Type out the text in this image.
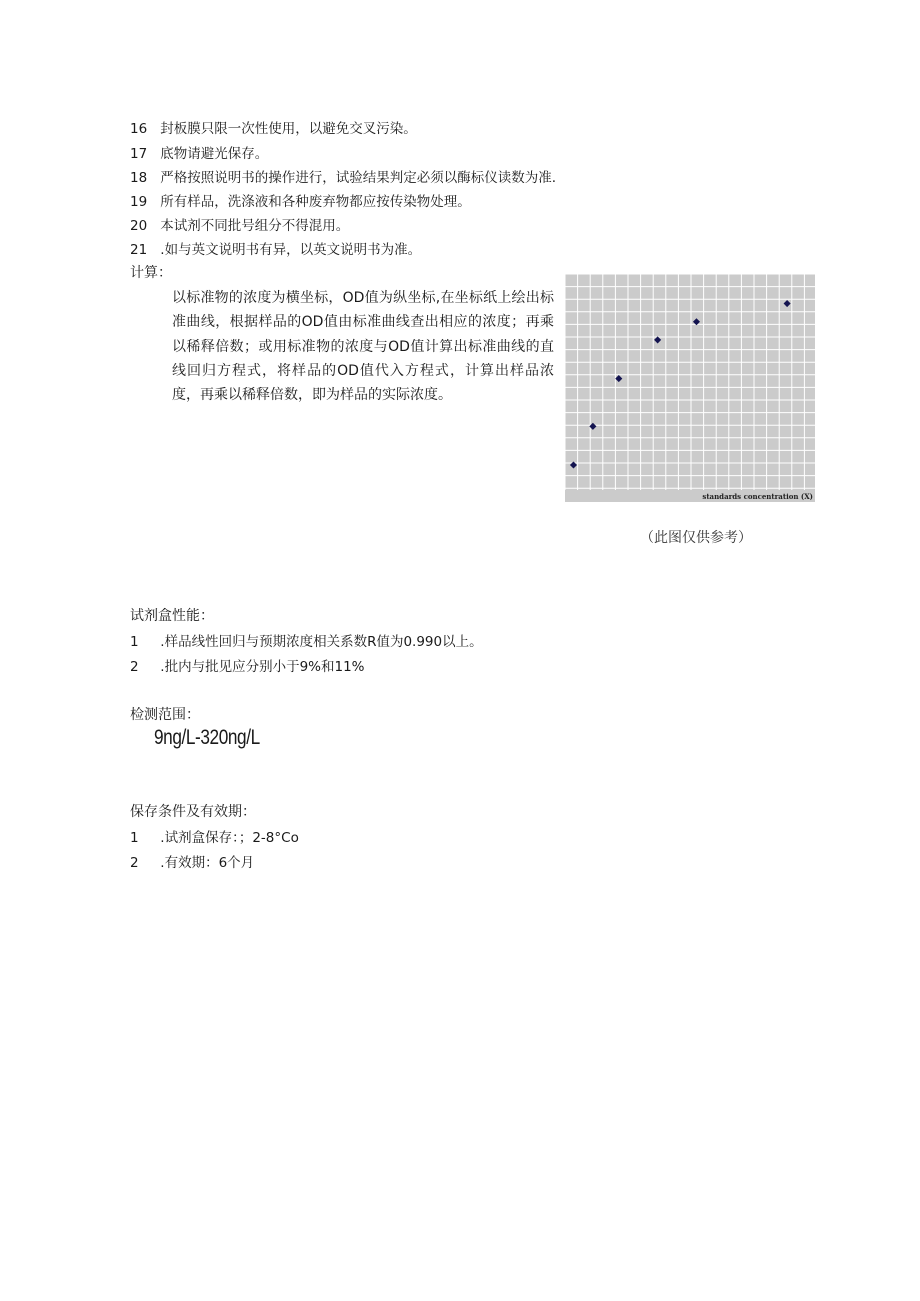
16 封板膜只限一次性使用，以避免交叉污染。
17 底物请避光保存。
18 严格按照说明书的操作进行，试验结果判定必须以酶标仪读数为准.
19 所有样品，洗涤液和各种废弃物都应按传染物处理。
20 本试剂不同批号组分不得混用。
21 .如与英文说明书有异，以英文说明书为准。
计算：
以标准物的浓度为横坐标，OD值为纵坐标,在坐标纸上绘出标准曲线，根据样品的OD值由标准曲线查出相应的浓度；再乘以稀释倍数；或用标准物的浓度与OD值计算出标准曲线的直线回归方程式，将样品的OD值代入方程式，计算出样品浓度，再乘以稀释倍数，即为样品的实际浓度。
standards concentration (X)
（此图仅供参考）
试剂盒性能：
1 .样品线性回归与预期浓度相关系数R值为0.990以上。
2 .批内与批见应分别小于9%和11%
检测范围：
9ng/L-320ng/L
保存条件及有效期：
1 .试剂盒保存：；2-8°Co
2 .有效期：6个月
